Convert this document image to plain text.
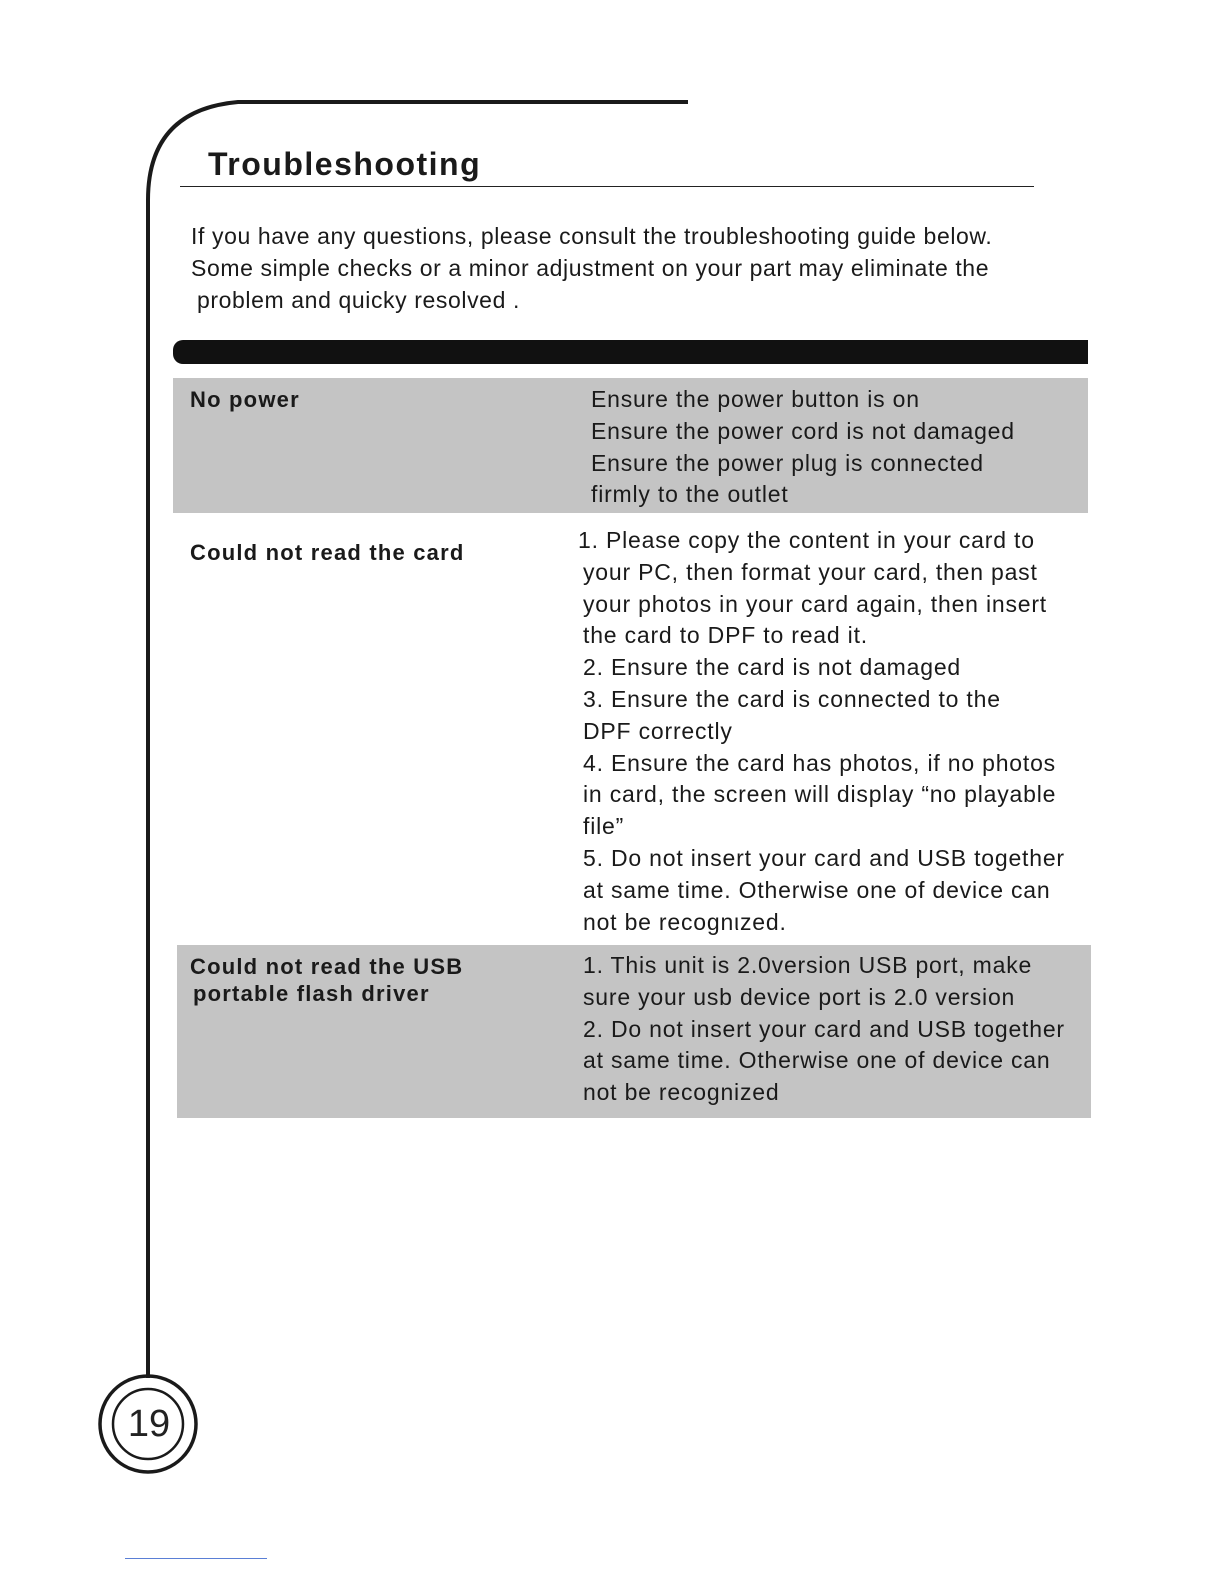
Troubleshooting

If you have any questions, please consult the troubleshooting guide below.
Some simple checks or a minor adjustment on your part may eliminate the
problem and quicky resolved .

No power	Ensure the power button is on
Ensure the power cord is not damaged
Ensure the power plug is connected
firmly to the outlet
Could not read the card	1. Please copy the content in your card to
your PC, then format your card, then past
your photos in your card again, then insert
the card to DPF to read it.
2. Ensure the card is not damaged
3. Ensure the card is connected to the
DPF correctly
4. Ensure the card has photos, if no photos
in card, the screen will display “no playable
file”
5. Do not insert your card and USB together
at same time. Otherwise one of device can
not be recognιzed.
Could not read the USB
portable flash driver
1. This unit is 2.0version USB port, make
sure your usb device port is 2.0 version
2. Do not insert your card and USB together
at same time. Otherwise one of device can
not be recognized
19
